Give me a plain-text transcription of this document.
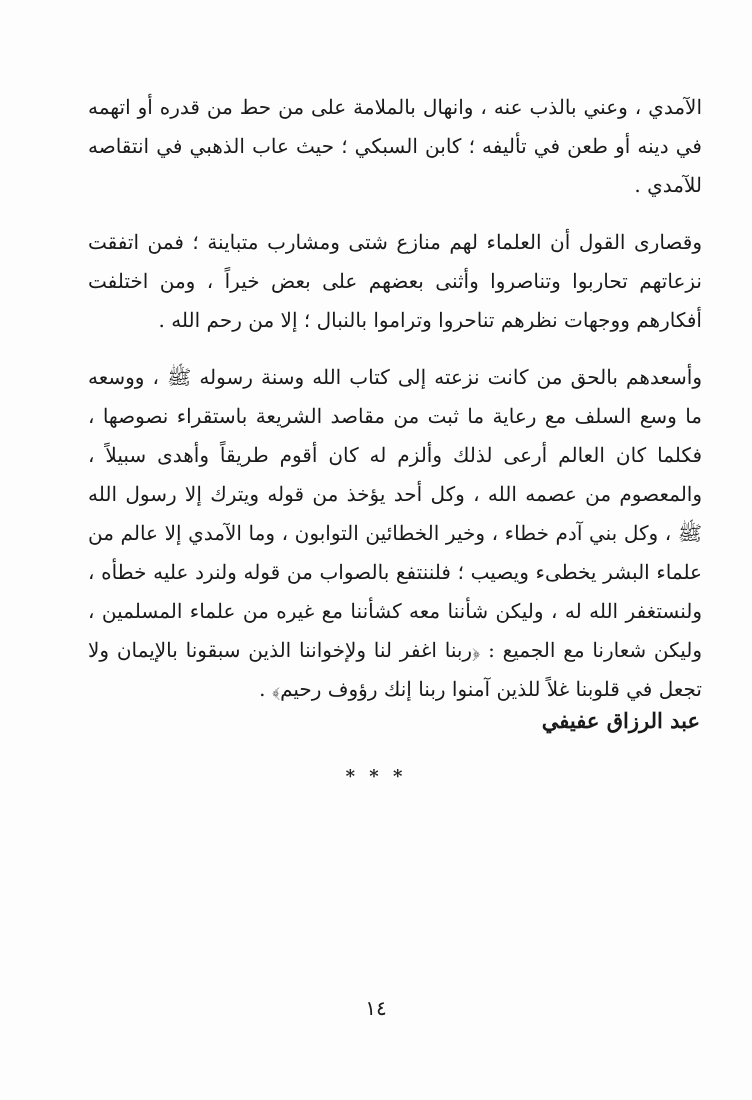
الآمدي ، وعني بالذب عنه ، وانهال بالملامة على من حط من قدره أو اتهمه في دينه أو طعن في تأليفه ؛ كابن السبكي ؛ حيث عاب الذهبي في انتقاصه للآمدي .

وقصارى القول أن العلماء لهم منازع شتى ومشارب متباينة ؛ فمن اتفقت نزعاتهم تحاربوا وتناصروا وأثنى بعضهم على بعض خيراً ، ومن اختلفت أفكارهم ووجهات نظرهم تناحروا وتراموا بالنبال ؛ إلا من رحم الله .

وأسعدهم بالحق من كانت نزعته إلى كتاب الله وسنة رسوله ﷺ ، ووسعه ما وسع السلف مع رعاية ما ثبت من مقاصد الشريعة باستقراء نصوصها ، فكلما كان العالم أرعى لذلك وألزم له كان أقوم طريقاً وأهدى سبيلاً ، والمعصوم من عصمه الله ، وكل أحد يؤخذ من قوله ويترك إلا رسول الله ﷺ ، وكل بني آدم خطاء ، وخير الخطائين التوابون ، وما الآمدي إلا عالم من علماء البشر يخطىء ويصيب ؛ فلننتفع بالصواب من قوله ولنرد عليه خطأه ، ولنستغفر الله له ، وليكن شأننا معه كشأننا مع غيره من علماء المسلمين ، وليكن شعارنا مع الجميع : ﴿ربنا اغفر لنا ولإخواننا الذين سبقونا بالإيمان ولا تجعل في قلوبنا غلاً للذين آمنوا ربنا إنك رؤوف رحيم﴾ .

عبد الرزاق عفيفي
* * *
١٤
